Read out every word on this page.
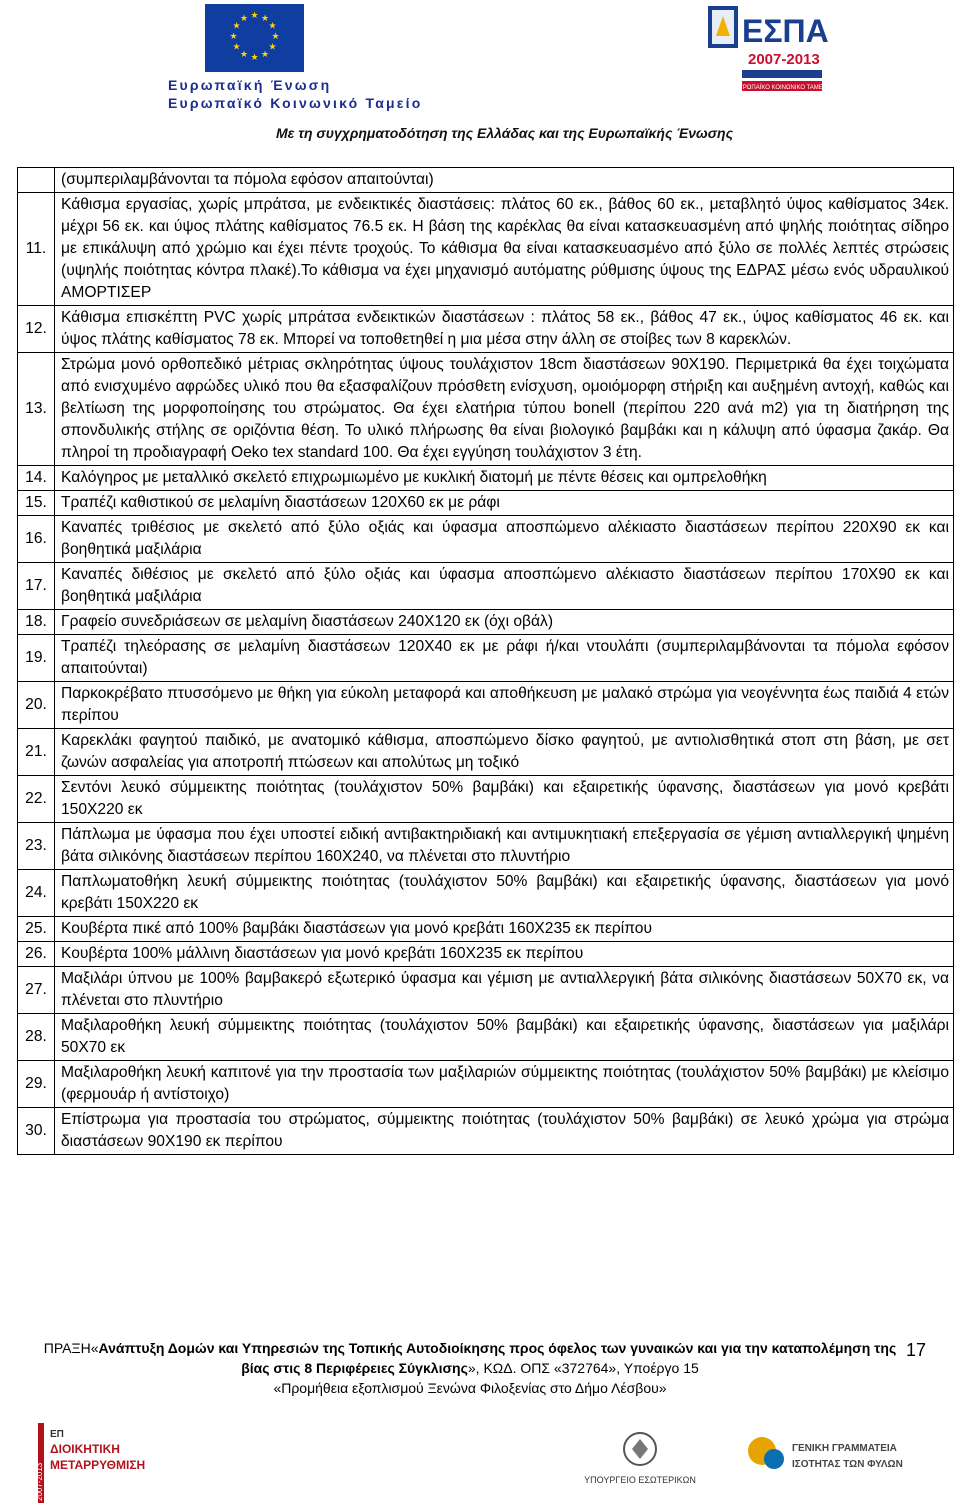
★ ★
★
★
★
★
★
★
★
★
★
★
Ευρωπαϊκή Ένωση
Ευρωπαϊκό Κοινωνικό Ταμείο
ΕΣΠΑ
2007-2013
ΕΥΡΩΠΑΪΚΟ ΚΟΙΝΩΝΙΚΟ ΤΑΜΕΙΟ
Με τη συγχρηματοδότηση της Ελλάδας και της Ευρωπαϊκής Ένωσης
	(συμπεριλαμβάνονται τα πόμολα εφόσον απαιτούνται)
11.	Κάθισμα εργασίας, χωρίς μπράτσα, με ενδεικτικές διαστάσεις: πλάτος 60 εκ., βάθος 60 εκ., μεταβλητό ύψος καθίσματος 34εκ. μέχρι 56 εκ. και ύψος πλάτης καθίσματος 76.5 εκ. Η βάση της καρέκλας θα είναι κατασκευασμένη από ψηλής ποιότητας σίδηρο με επικάλυψη από χρώμιο και έχει πέντε τροχούς. Το κάθισμα θα είναι κατασκευασμένο από ξύλο σε πολλές λεπτές στρώσεις (υψηλής ποιότητας κόντρα πλακέ).Το κάθισμα να έχει μηχανισμό αυτόματης ρύθμισης ύψους της ΕΔΡΑΣ μέσω ενός υδραυλικού ΑΜΟΡΤΙΣΕΡ
12.	Κάθισμα επισκέπτη PVC χωρίς μπράτσα ενδεικτικών διαστάσεων : πλάτος 58 εκ., βάθος 47 εκ., ύψος καθίσματος 46 εκ. και ύψος πλάτης καθίσματος 78 εκ. Μπορεί να τοποθετηθεί η μια μέσα στην άλλη σε στοίβες των 8 καρεκλών.
13.	Στρώμα μονό ορθοπεδικό μέτριας σκληρότητας ύψους τουλάχιστον 18cm διαστάσεων 90Χ190. Περιμετρικά θα έχει τοιχώματα από ενισχυμένο αφρώδες υλικό που θα εξασφαλίζουν πρόσθετη ενίσχυση, ομοιόμορφη στήριξη και αυξημένη αντοχή, καθώς και βελτίωση της μορφοποίησης του στρώματος. Θα έχει ελατήρια τύπου bonell (περίπου 220 ανά m2) για τη διατήρηση της σπονδυλικής στήλης σε οριζόντια θέση. Το υλικό πλήρωσης θα είναι βιολογικό βαμβάκι και η κάλυψη από ύφασμα ζακάρ. Θα πληροί τη προδιαγραφή Oeko tex standard 100. Θα έχει εγγύηση τουλάχιστον 3 έτη.
14.	Καλόγηρος με μεταλλικό σκελετό επιχρωμιωμένο με κυκλική διατομή με πέντε θέσεις και ομπρελοθήκη
15.	Τραπέζι καθιστικού σε μελαμίνη διαστάσεων 120Χ60 εκ με ράφι
16.	Καναπές τριθέσιος με σκελετό από ξύλο οξιάς και ύφασμα αποσπώμενο αλέκιαστο διαστάσεων περίπου 220Χ90 εκ και βοηθητικά μαξιλάρια
17.	Καναπές διθέσιος με σκελετό από ξύλο οξιάς και ύφασμα αποσπώμενο αλέκιαστο διαστάσεων περίπου 170Χ90 εκ και βοηθητικά μαξιλάρια
18.	Γραφείο συνεδριάσεων σε μελαμίνη διαστάσεων 240Χ120 εκ (όχι οβάλ)
19.	Τραπέζι τηλεόρασης σε μελαμίνη διαστάσεων 120Χ40 εκ με ράφι ή/και ντουλάπι (συμπεριλαμβάνονται τα πόμολα εφόσον απαιτούνται)
20.	Παρκοκρέβατο πτυσσόμενο με θήκη για εύκολη μεταφορά και αποθήκευση με μαλακό στρώμα για νεογέννητα έως παιδιά 4 ετών περίπου
21.	Καρεκλάκι φαγητού παιδικό, με ανατομικό κάθισμα, αποσπώμενο δίσκο φαγητού, με αντιολισθητικά στοπ στη βάση, με σετ ζωνών ασφαλείας για αποτροπή πτώσεων και απολύτως μη τοξικό
22.	Σεντόνι λευκό σύμμεικτης ποιότητας (τουλάχιστον 50% βαμβάκι) και εξαιρετικής ύφανσης, διαστάσεων για μονό κρεβάτι 150Χ220 εκ
23.	Πάπλωμα με ύφασμα που έχει υποστεί ειδική αντιβακτηριδιακή και αντιμυκητιακή επεξεργασία σε γέμιση αντιαλλεργική ψημένη βάτα σιλικόνης διαστάσεων περίπου 160Χ240, να πλένεται στο πλυντήριο
24.	Παπλωματοθήκη λευκή σύμμεικτης ποιότητας (τουλάχιστον 50% βαμβάκι) και εξαιρετικής ύφανσης, διαστάσεων για μονό κρεβάτι 150Χ220 εκ
25.	Κουβέρτα πικέ από 100% βαμβάκι διαστάσεων για μονό κρεβάτι 160Χ235 εκ περίπου
26.	Κουβέρτα 100% μάλλινη διαστάσεων για μονό κρεβάτι 160Χ235 εκ περίπου
27.	Μαξιλάρι ύπνου με 100% βαμβακερό εξωτερικό ύφασμα και γέμιση με αντιαλλεργική βάτα σιλικόνης διαστάσεων 50Χ70 εκ, να πλένεται στο πλυντήριο
28.	Μαξιλαροθήκη λευκή σύμμεικτης ποιότητας (τουλάχιστον 50% βαμβάκι) και εξαιρετικής ύφανσης, διαστάσεων για μαξιλάρι 50Χ70 εκ
29.	Μαξιλαροθήκη λευκή καπιτονέ για την προστασία των μαξιλαριών σύμμεικτης ποιότητας (τουλάχιστον 50% βαμβάκι) με κλείσιμο (φερμουάρ ή αντίστοιχο)
30.	Επίστρωμα για προστασία του στρώματος, σύμμεικτης ποιότητας (τουλάχιστον 50% βαμβάκι) σε λευκό χρώμα για στρώμα διαστάσεων 90Χ190 εκ περίπου
ΠΡΑΞΗ«Ανάπτυξη Δομών και Υπηρεσιών της Τοπικής Αυτοδιοίκησης προς όφελος των γυναικών και για την καταπολέμηση της βίας στις 8 Περιφέρειες Σύγκλισης», ΚΩΔ. ΟΠΣ «372764», Υποέργο 15
«Προμήθεια εξοπλισμού Ξενώνα Φιλοξενίας στο Δήμο Λέσβου»
17
ΕΠ
ΔΙΟΙΚΗΤΙΚΗ
ΜΕΤΑΡΡΥΘΜΙΣΗ
2007-2013	ΥΠΟΥΡΓΕΙΟ ΕΣΩΤΕΡΙΚΩΝ
ΓΕΝΙΚΗ ΓΡΑΜΜΑΤΕΙΑ
ΙΣΟΤΗΤΑΣ ΤΩΝ ΦΥΛΩΝ
